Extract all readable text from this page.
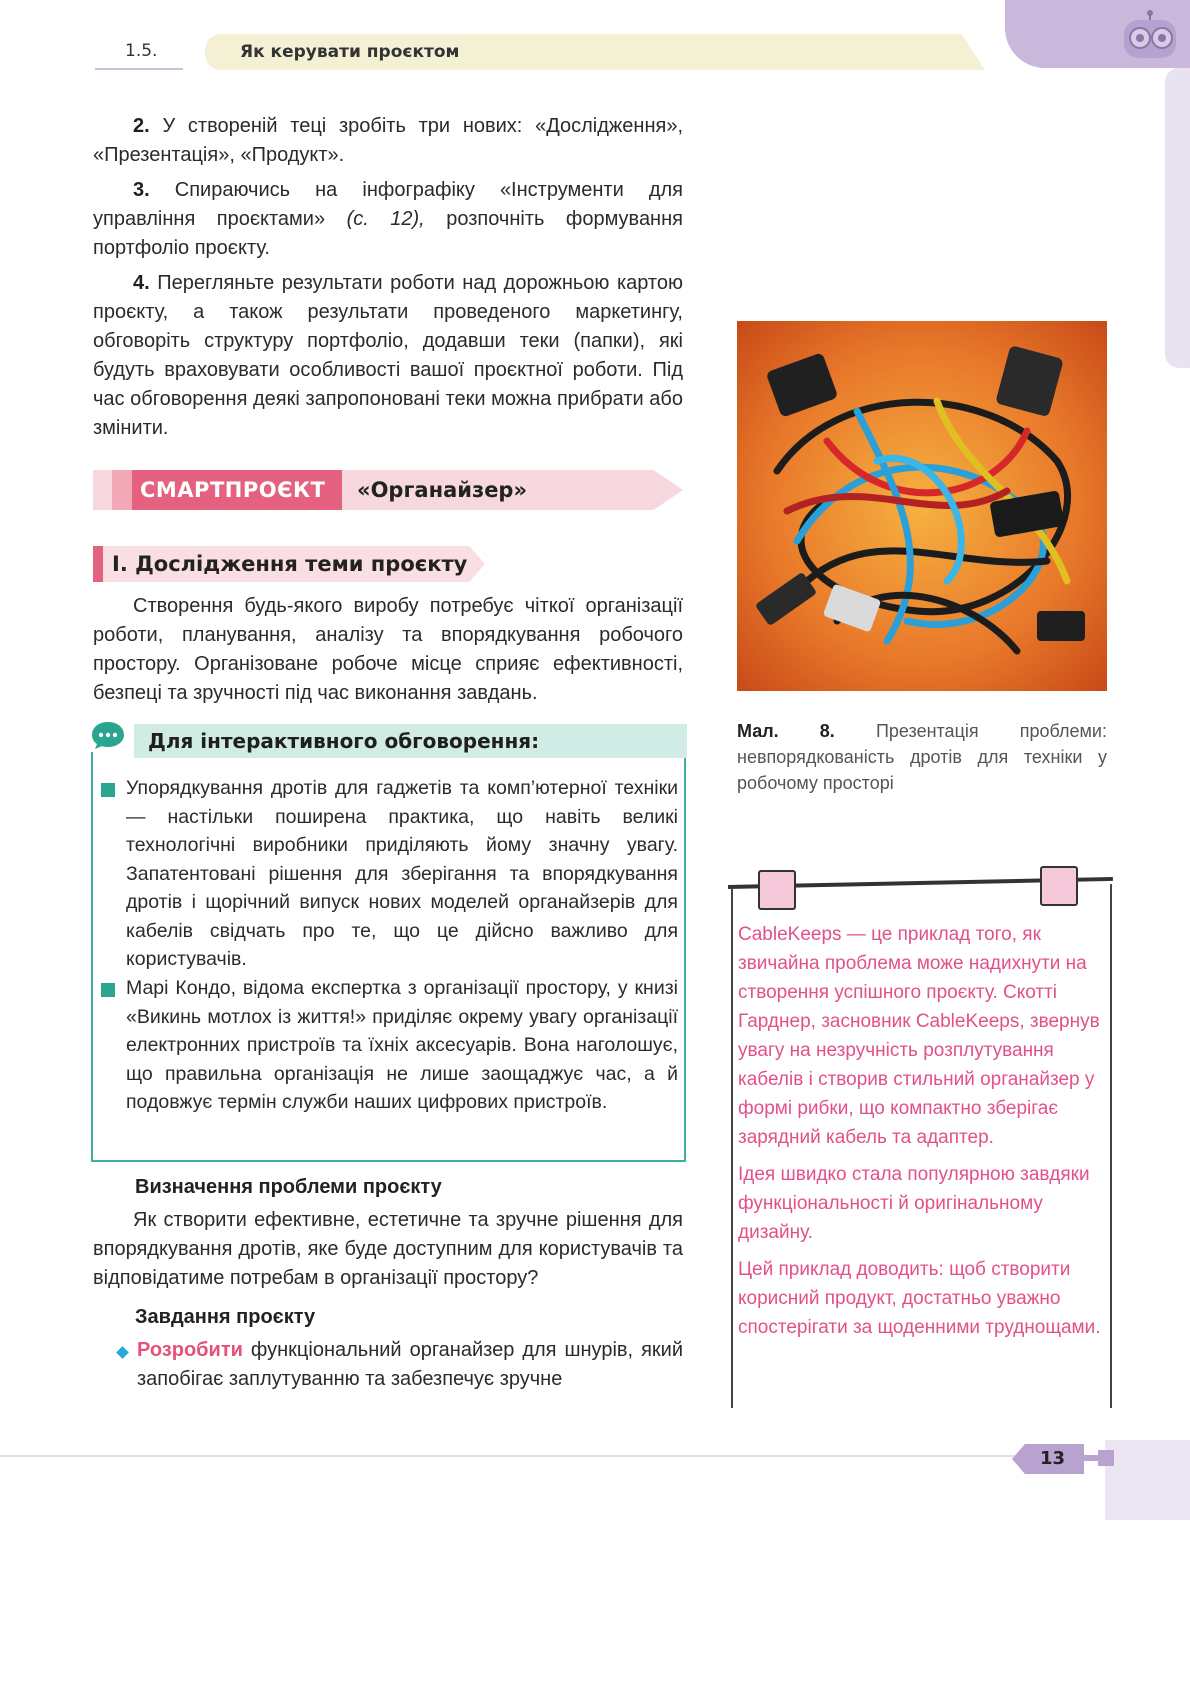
1.5.	Як керувати проєктом

2. У створеній теці зробіть три нових: «Дослідження», «Презентація», «Продукт».

3. Спираючись на інфографіку «Інструменти для управління проєктами» (с. 12), розпочніть формування портфоліо проєкту.

4. Перегляньте результати роботи над дорожньою картою проєкту, а також результати проведеного маркетингу, обговоріть структуру портфоліо, додавши теки (папки), які будуть враховувати особливості вашої проєктної роботи. Під час обговорення деякі запропоновані теки можна прибрати або змінити.

СМАРТПРОЄКТ «Органайзер»
І. Дослідження теми проєкту

Створення будь-якого виробу потребує чіткої організації роботи, планування, аналізу та впорядкування робочого простору. Організоване робоче місце сприяє ефективності, безпеці та зручності під час виконання завдань.

Для інтерактивного обговорення:

Упорядкування дротів для гаджетів та комп’ютерної техніки — настільки поширена практика, що навіть великі технологічні виробники приділяють йому значну увагу. Запатентовані рішення для зберігання та впорядкування дротів і щорічний випуск нових моделей органайзерів для кабелів свідчать про те, що це дійсно важливо для користувачів.

Марі Кондо, відома експертка з організації простору, у книзі «Викинь мотлох із життя!» приділяє окрему увагу організації електронних пристроїв та їхніх аксесуарів. Вона наголошує, що правильна організація не лише заощаджує час, а й подовжує термін служби наших цифрових пристроїв.

Визначення проблеми проєкту

Як створити ефективне, естетичне та зручне рішення для впорядкування дротів, яке буде доступним для користувачів та відповідатиме потребам в організації простору?

Завдання проєкту

Розробити функціональний органайзер для шнурів, який запобігає заплутуванню та забезпечує зручне

Мал. 8. Презентація проблеми: невпорядкованість дротів для техніки у робочому просторі

CableKeeps — це приклад того, як звичайна проблема може надихнути на створення успішного проєкту. Скотті Гарднер, засновник CableKeeps, звернув увагу на незручність розплутування кабелів і створив стильний органайзер у формі рибки, що компактно зберігає зарядний кабель та адаптер.

Ідея швидко стала популярною завдяки функціональності й оригінальному дизайну.

Цей приклад доводить: щоб створити корисний продукт, достатньо уважно спостерігати за щоденними труднощами.

13
